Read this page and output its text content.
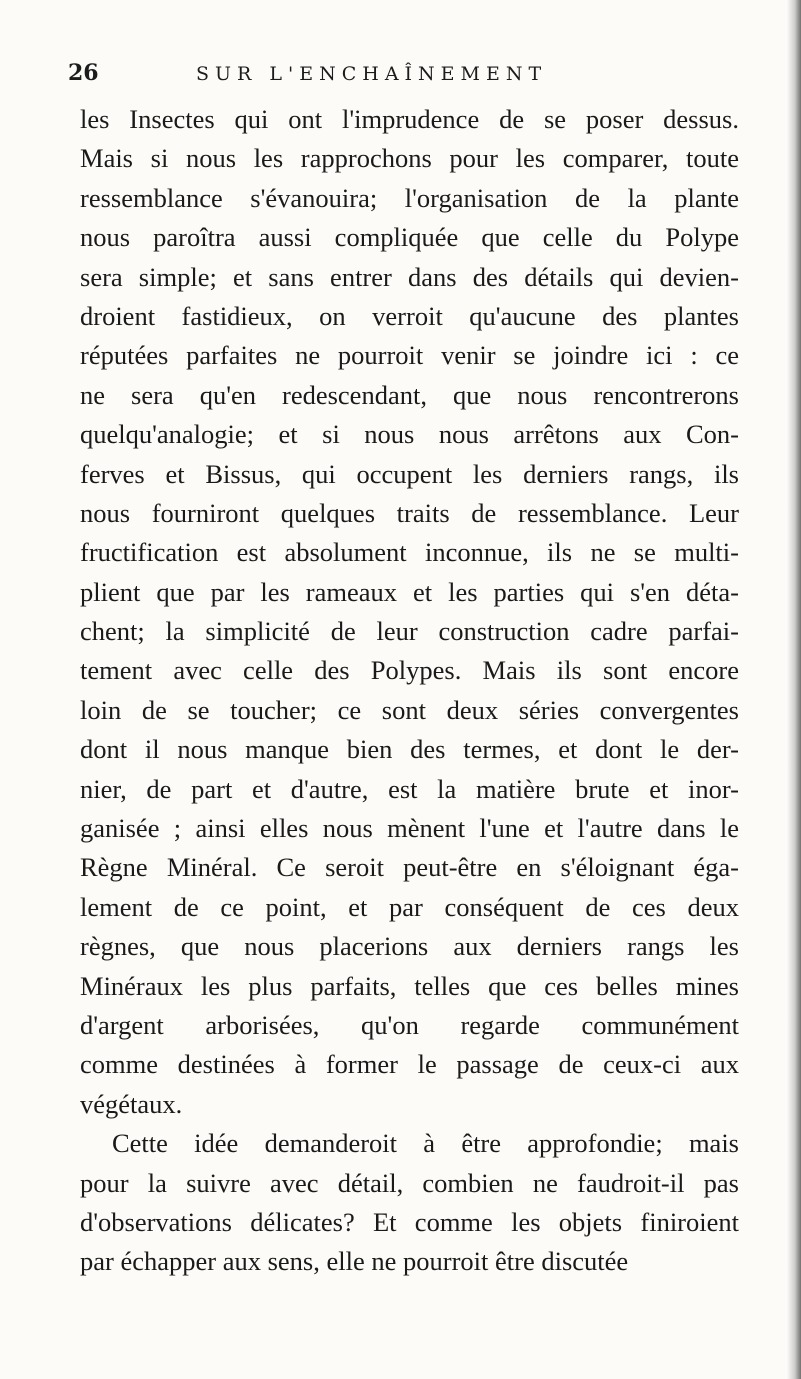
26	SUR L'ENCHAÎNEMENT
les Insectes qui ont l'imprudence de se poser dessus.
Mais si nous les rapprochons pour les comparer, toute
ressemblance s'évanouira; l'organisation de la plante
nous paroîtra aussi compliquée que celle du Polype
sera simple; et sans entrer dans des détails qui devien-
droient fastidieux, on verroit qu'aucune des plantes
réputées parfaites ne pourroit venir se joindre ici : ce
ne sera qu'en redescendant, que nous rencontrerons
quelqu'analogie; et si nous nous arrêtons aux Con-
ferves et Bissus, qui occupent les derniers rangs, ils
nous fourniront quelques traits de ressemblance. Leur
fructification est absolument inconnue, ils ne se multi-
plient que par les rameaux et les parties qui s'en déta-
chent; la simplicité de leur construction cadre parfai-
tement avec celle des Polypes. Mais ils sont encore
loin de se toucher; ce sont deux séries convergentes
dont il nous manque bien des termes, et dont le der-
nier, de part et d'autre, est la matière brute et inor-
ganisée ; ainsi elles nous mènent l'une et l'autre dans le
Règne Minéral. Ce seroit peut-être en s'éloignant éga-
lement de ce point, et par conséquent de ces deux
règnes, que nous placerions aux derniers rangs les
Minéraux les plus parfaits, telles que ces belles mines
d'argent arborisées, qu'on regarde communément
comme destinées à former le passage de ceux-ci aux
végétaux.
Cette idée demanderoit à être approfondie; mais
pour la suivre avec détail, combien ne faudroit-il pas
d'observations délicates? Et comme les objets finiroient
par échapper aux sens, elle ne pourroit être discutée
